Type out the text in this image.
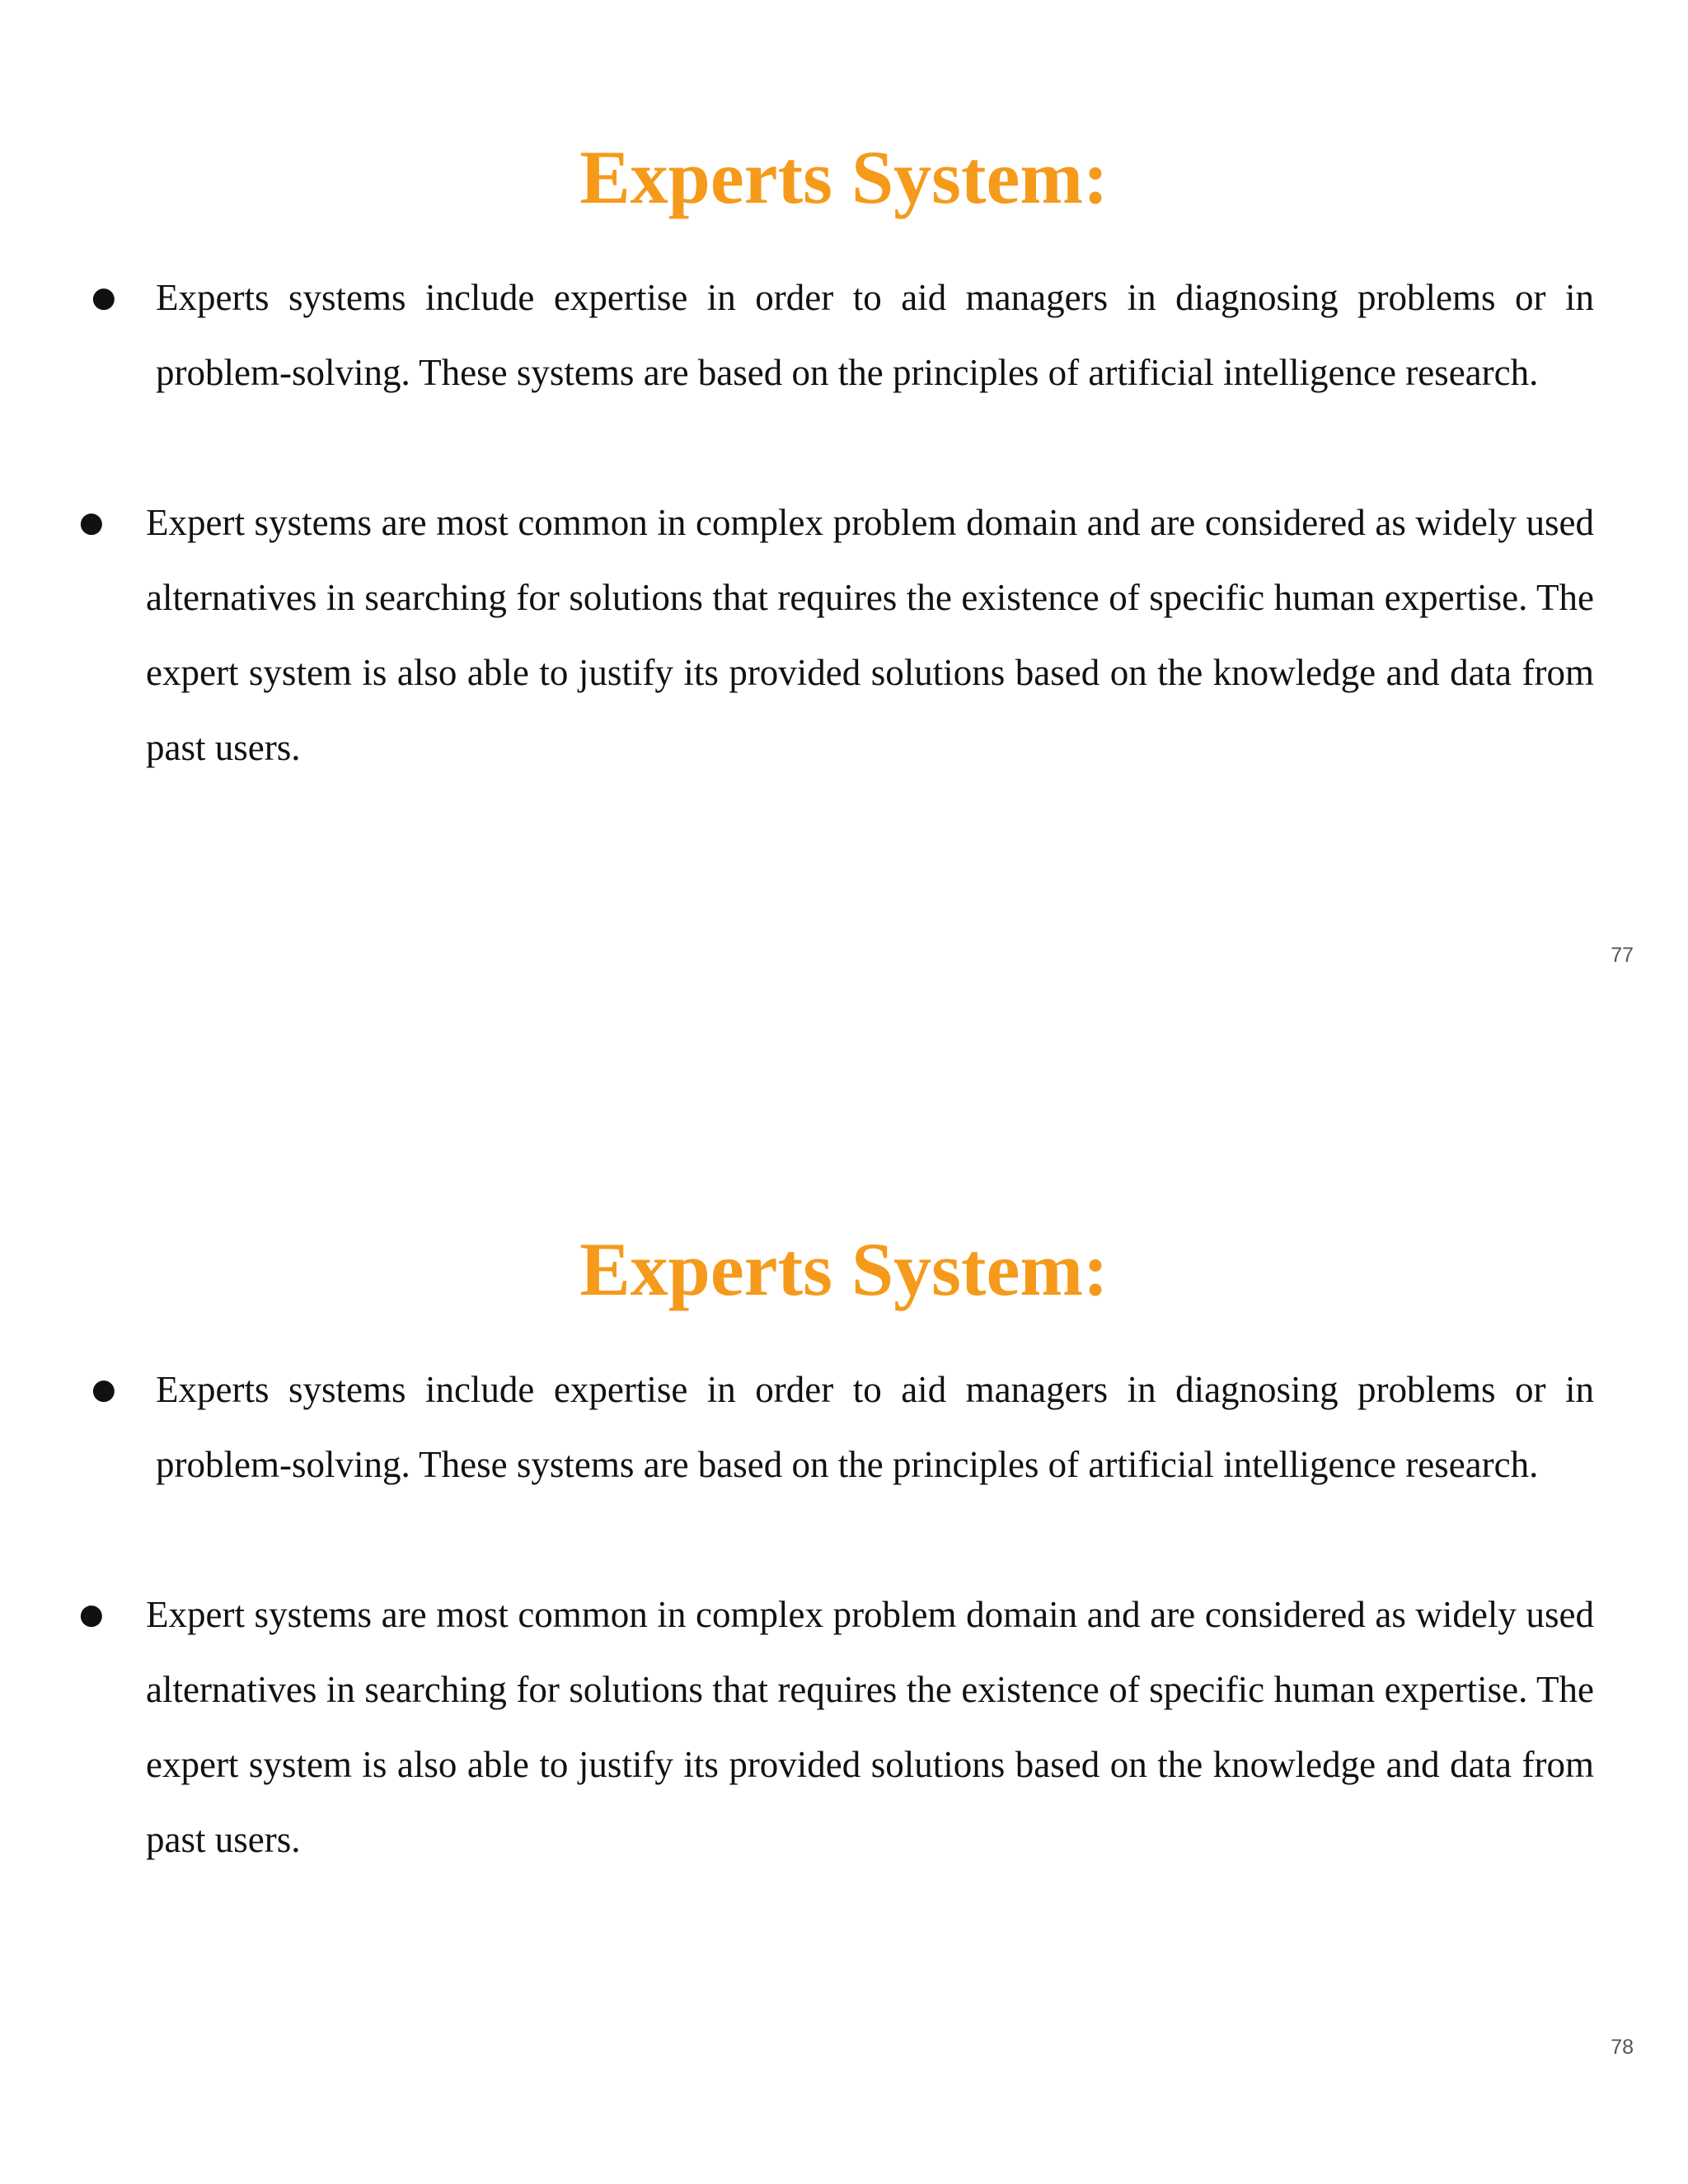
Experts System:
● Experts systems include expertise in order to aid managers in diagnosing problems or in problem-solving. These systems are based on the principles of artificial intelligence research.
● Expert systems are most common in complex problem domain and are considered as widely used alternatives in searching for solutions that requires the existence of specific human expertise. The expert system is also able to justify its provided solutions based on the knowledge and data from past users.
77
Experts System:
● Experts systems include expertise in order to aid managers in diagnosing problems or in problem-solving. These systems are based on the principles of artificial intelligence research.
● Expert systems are most common in complex problem domain and are considered as widely used alternatives in searching for solutions that requires the existence of specific human expertise. The expert system is also able to justify its provided solutions based on the knowledge and data from past users.
78
